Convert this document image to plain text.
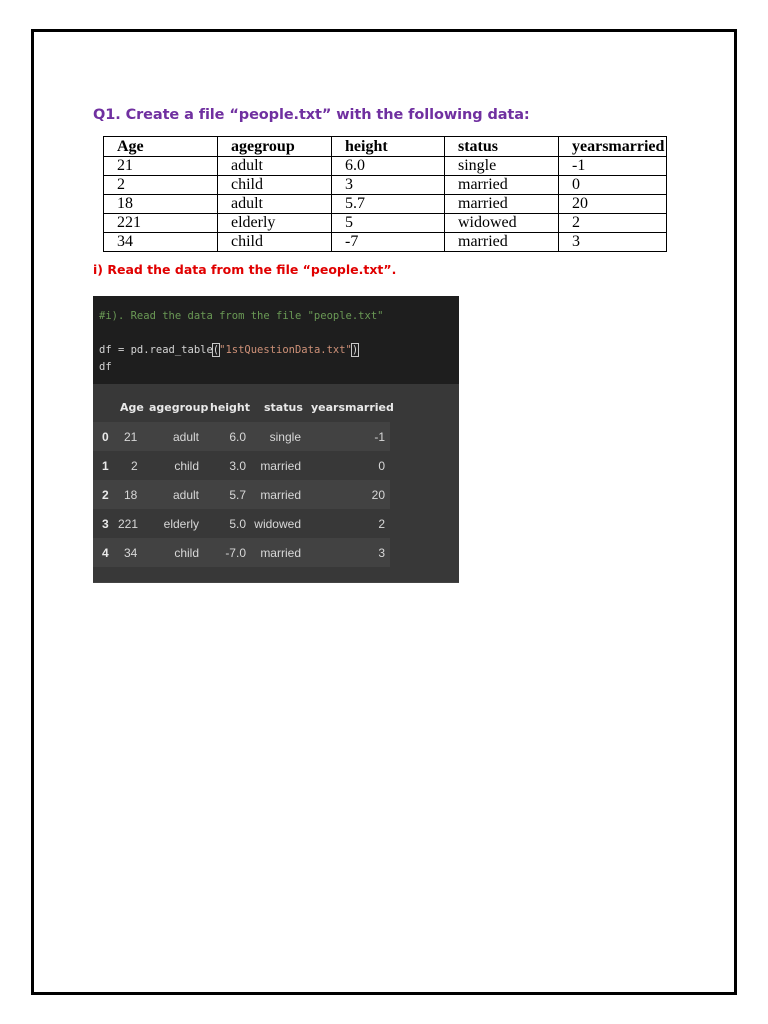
Q1. Create a file “people.txt” with the following data:
Age	agegroup	height	status	yearsmarried
21	adult	6.0	single	-1
2	child	3	married	0
18	adult	5.7	married	20
221	elderly	5	widowed	2
34	child	-7	married	3
i) Read the data from the file “people.txt”.
#i). Read the data from the file "people.txt"
df = pd.read_table("1stQuestionData.txt")
df
Age agegroup height status yearsmarried
0 21	adult	6.0 single	-1
1 2	child	3.0 married	0
2 18	adult	5.7 married	20
3 221 elderly	5.0 widowed	2
4 34	child -7.0 married	3
